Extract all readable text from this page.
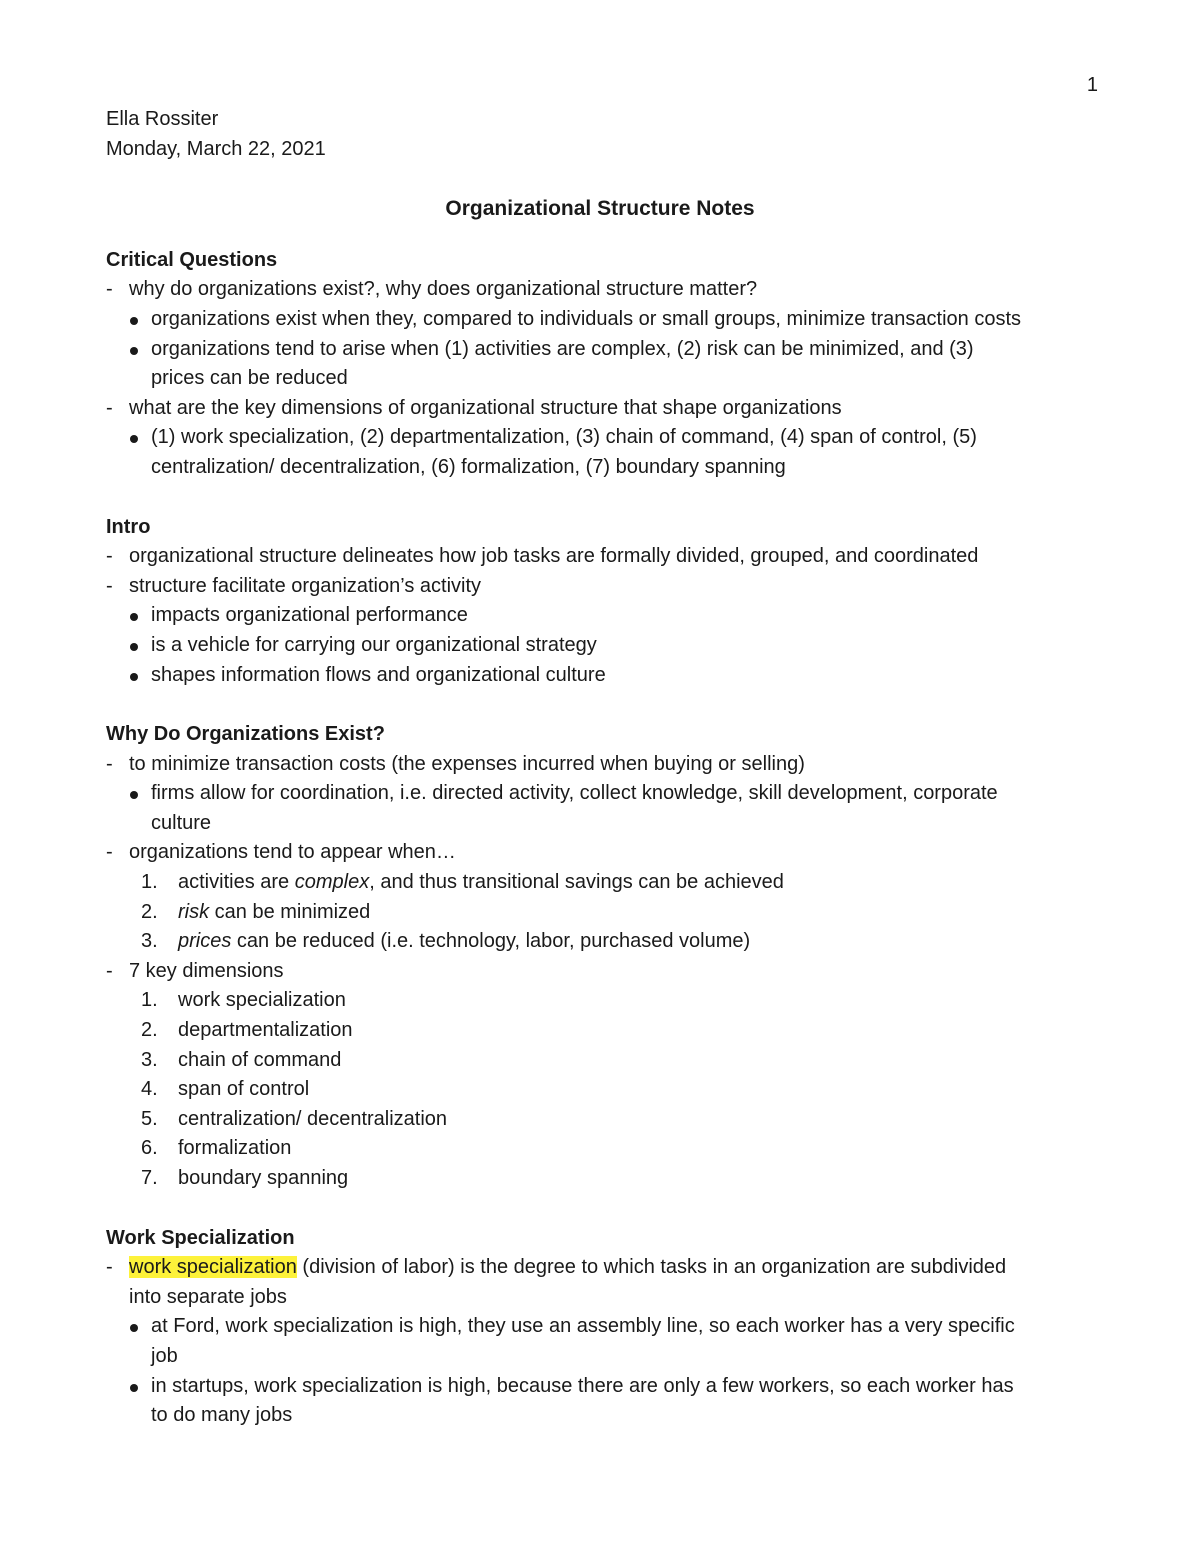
1
Ella Rossiter
Monday, March 22, 2021
Organizational Structure Notes
Critical Questions
- why do organizations exist?, why does organizational structure matter?
organizations exist when they, compared to individuals or small groups, minimize transaction costs
organizations tend to arise when (1) activities are complex, (2) risk can be minimized, and (3)
prices can be reduced
- what are the key dimensions of organizational structure that shape organizations
(1) work specialization, (2) departmentalization, (3) chain of command, (4) span of control, (5)
centralization/ decentralization, (6) formalization, (7) boundary spanning
Intro
- organizational structure delineates how job tasks are formally divided, grouped, and coordinated
- structure facilitate organization’s activity
impacts organizational performance
is a vehicle for carrying our organizational strategy
shapes information flows and organizational culture
Why Do Organizations Exist?
- to minimize transaction costs (the expenses incurred when buying or selling)
firms allow for coordination, i.e. directed activity, collect knowledge, skill development, corporate
culture
- organizations tend to appear when…
1. activities are complex, and thus transitional savings can be achieved
2. risk can be minimized
3. prices can be reduced (i.e. technology, labor, purchased volume)
- 7 key dimensions
1. work specialization
2. departmentalization
3. chain of command
4. span of control
5. centralization/ decentralization
6. formalization
7. boundary spanning
Work Specialization
- work specialization (division of labor) is the degree to which tasks in an organization are subdivided
into separate jobs
at Ford, work specialization is high, they use an assembly line, so each worker has a very specific
job
in startups, work specialization is high, because there are only a few workers, so each worker has
to do many jobs
